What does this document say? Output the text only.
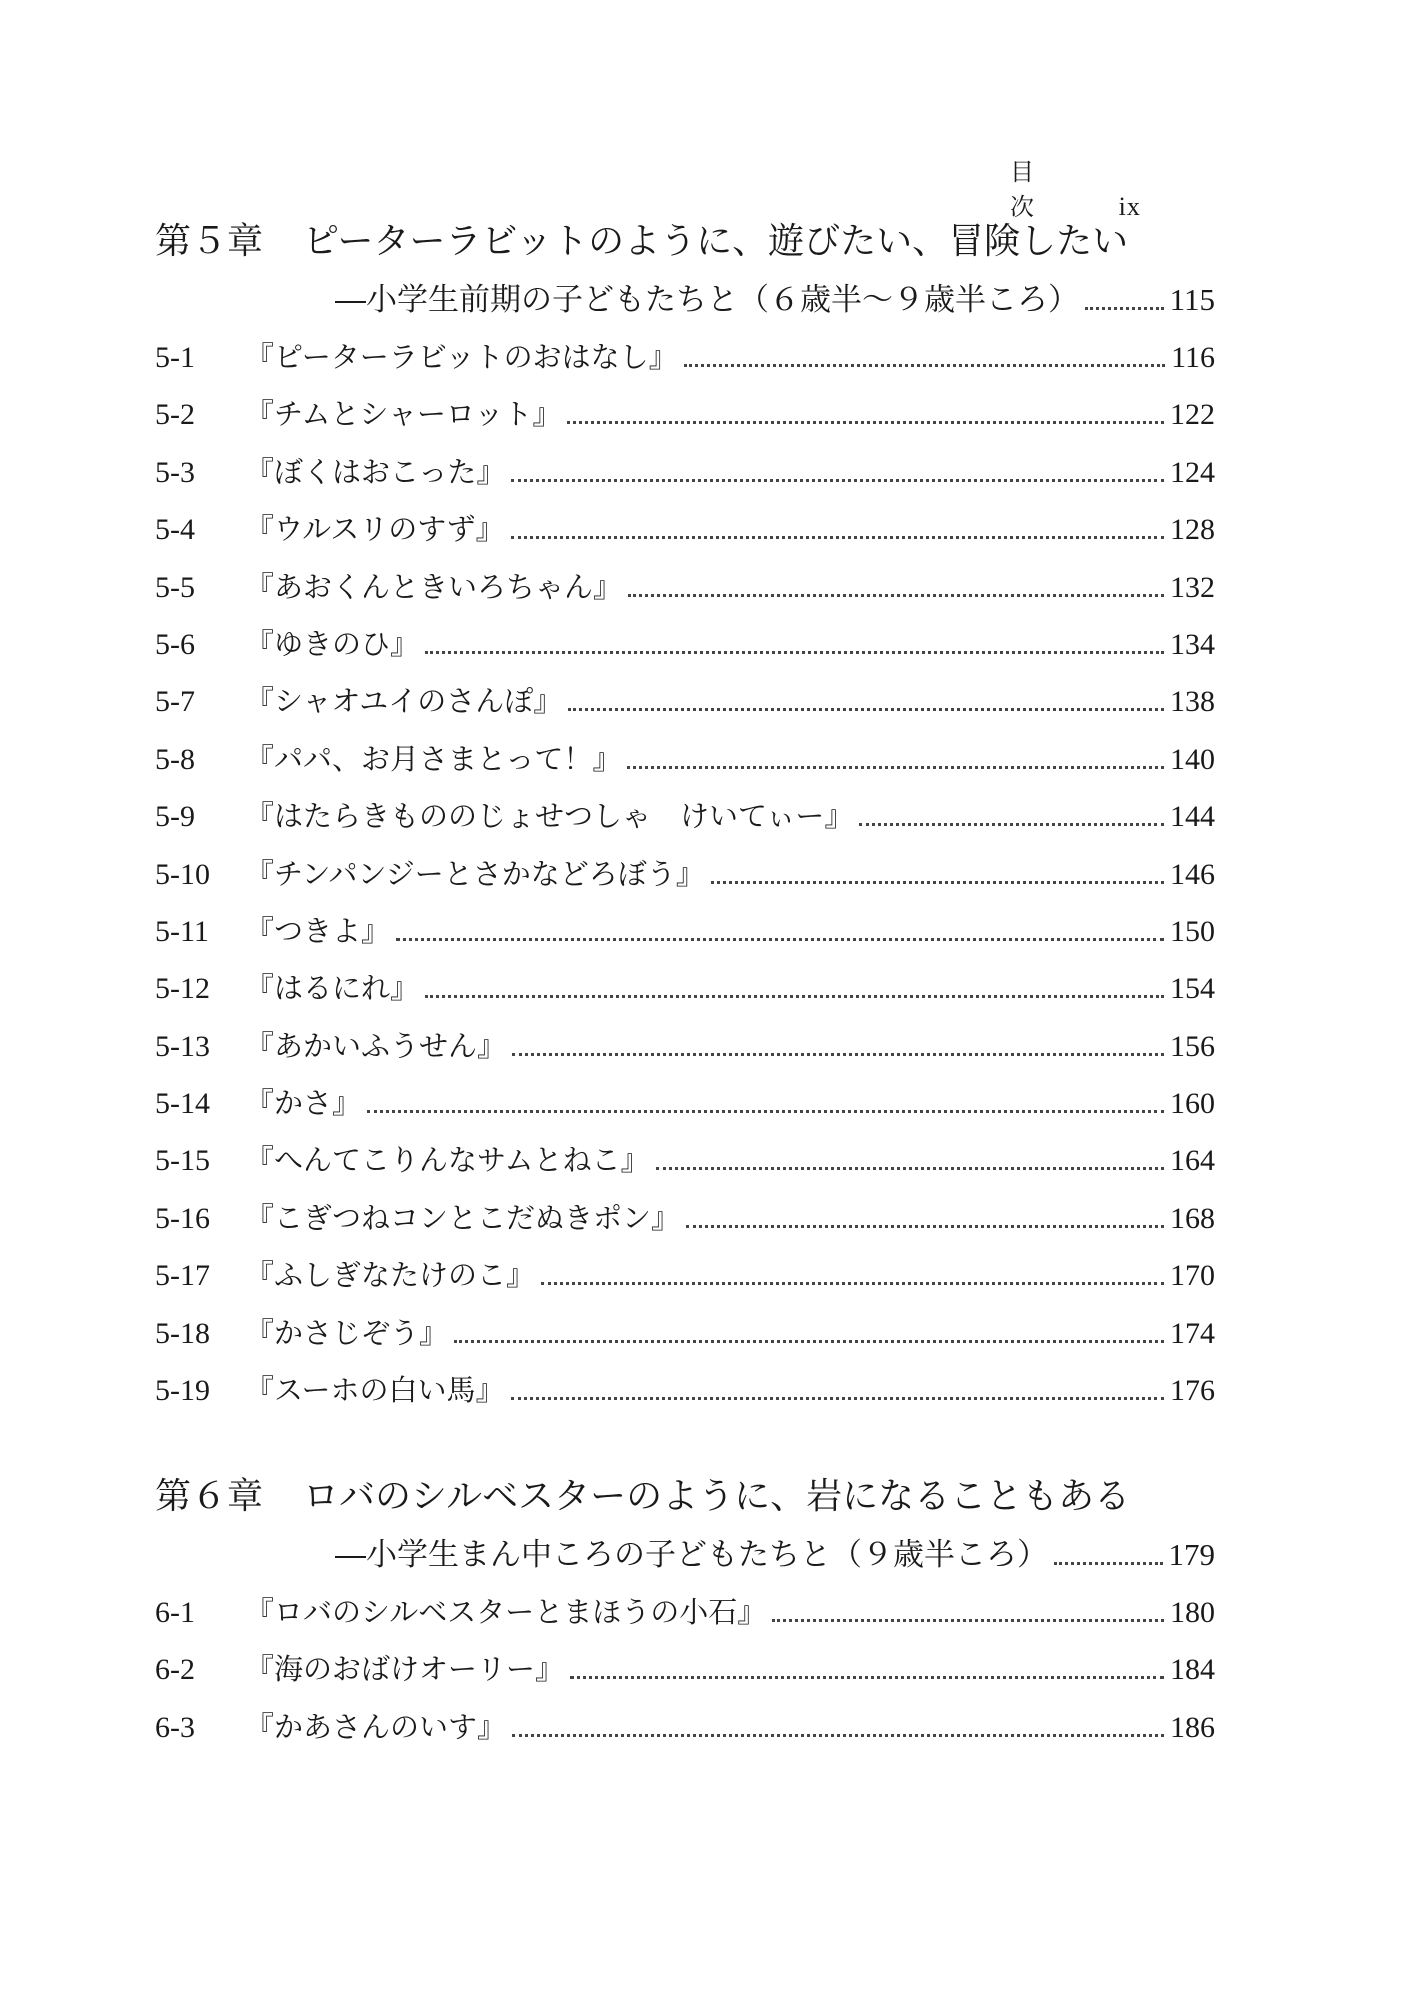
目次 ix
第５章 ピーターラビットのように、遊びたい、冒険したい
―小学生前期の子どもたちと（６歳半〜９歳半ころ）	115
5-1	『ピーターラビットのおはなし』	116
5-2	『チムとシャーロット』	122
5-3	『ぼくはおこった』	124
5-4	『ウルスリのすず』	128
5-5	『あおくんときいろちゃん』	132
5-6	『ゆきのひ』	134
5-7	『シャオユイのさんぽ』	138
5-8	『パパ、お月さまとって！』	140
5-9	『はたらきもののじょせつしゃ　けいてぃー』	144
5-10	『チンパンジーとさかなどろぼう』	146
5-11	『つきよ』	150
5-12	『はるにれ』	154
5-13	『あかいふうせん』	156
5-14	『かさ』	160
5-15	『へんてこりんなサムとねこ』	164
5-16	『こぎつねコンとこだぬきポン』	168
5-17	『ふしぎなたけのこ』	170
5-18	『かさじぞう』	174
5-19	『スーホの白い馬』	176
第６章 ロバのシルベスターのように、岩になることもある
―小学生まん中ころの子どもたちと（９歳半ころ）	179
6-1	『ロバのシルベスターとまほうの小石』	180
6-2	『海のおばけオーリー』	184
6-3	『かあさんのいす』	186
